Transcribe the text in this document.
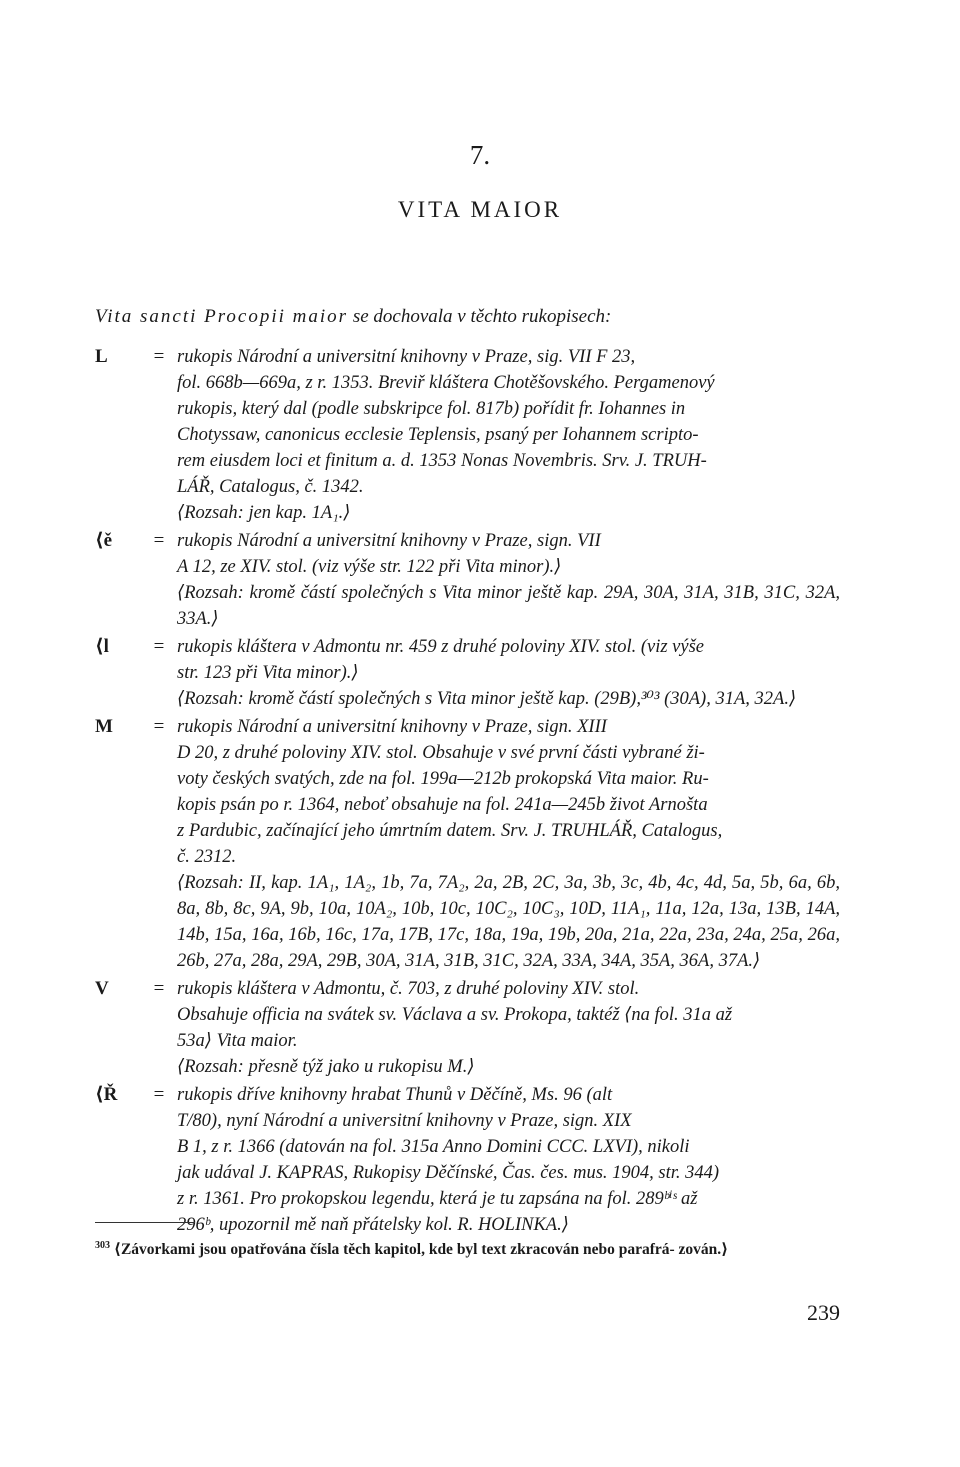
7.
VITA MAIOR
Vita sancti Procopii maior se dochovala v těchto rukopisech:
L	= rukopis Národní a universitní knihovny v Praze, sig. VII F 23,
fol. 668b—669a, z r. 1353. Breviř kláštera Chotěšovského. Pergamenový
rukopis, který dal (podle subskripce fol. 817b) pořídit fr. Iohannes in
Chotyssaw, canonicus ecclesie Teplensis, psaný per Iohannem scripto-
rem eiusdem loci et finitum a. d. 1353 Nonas Novembris. Srv. J. TRUH-
LÁŘ, Catalogus, č. 1342.
⟨Rozsah: jen kap. 1A₁.⟩
⟨ě	= rukopis Národní a universitní knihovny v Praze, sign. VII
A 12, ze XIV. stol. (viz výše str. 122 při Vita minor).⟩
⟨Rozsah: kromě částí společných s Vita minor ještě kap. 29A, 30A, 31A, 31B, 31C, 32A, 33A.⟩
⟨l	= rukopis kláštera v Admontu nr. 459 z druhé poloviny XIV. stol. (viz výše
str. 123 při Vita minor).⟩
⟨Rozsah: kromě částí společných s Vita minor ještě kap. (29B),³⁰³ (30A), 31A, 32A.⟩
M	= rukopis Národní a universitní knihovny v Praze, sign. XIII
D 20, z druhé poloviny XIV. stol. Obsahuje v své první části vybrané ži-
voty českých svatých, zde na fol. 199a—212b prokopská Vita maior. Ru-
kopis psán po r. 1364, neboť obsahuje na fol. 241a—245b život Arnošta
z Pardubic, začínající jeho úmrtním datem. Srv. J. TRUHLÁŘ, Catalogus,
č. 2312.
⟨Rozsah: II, kap. 1A₁, 1A₂, 1b, 7a, 7A₂, 2a, 2B, 2C, 3a, 3b, 3c, 4b, 4c, 4d, 5a, 5b, 6a, 6b, 8a, 8b, 8c, 9A, 9b, 10a, 10A₂, 10b, 10c, 10C₂, 10C₃, 10D, 11A₁, 11a, 12a, 13a, 13B, 14A, 14b, 15a, 16a, 16b, 16c, 17a, 17B, 17c, 18a, 19a, 19b, 20a, 21a, 22a, 23a, 24a, 25a, 26a, 26b, 27a, 28a, 29A, 29B, 30A, 31A, 31B, 31C, 32A, 33A, 34A, 35A, 36A, 37A.⟩
V	= rukopis kláštera v Admontu, č. 703, z druhé poloviny XIV. stol.
Obsahuje officia na svátek sv. Václava a sv. Prokopa, taktéž ⟨na fol. 31a až
53a⟩ Vita maior.
⟨Rozsah: přesně týž jako u rukopisu M.⟩
⟨Ř	= rukopis dříve knihovny hrabat Thunů v Děčíně, Ms. 96 (alt
T/80), nyní Národní a universitní knihovny v Praze, sign. XIX
B 1, z r. 1366 (datován na fol. 315a Anno Domini CCC. LXVI), nikoli
jak udával J. KAPRAS, Rukopisy Děčínské, Čas. čes. mus. 1904, str. 344)
z r. 1361. Pro prokopskou legendu, která je tu zapsána na fol. 289ᵇⁱˢ až
296ᵇ, upozornil mě naň přátelsky kol. R. HOLINKA.⟩
$^{303}$ ⟨Závorkami jsou opatřována čísla těch kapitol, kde byl text zkracován nebo parafrá- zován.⟩
239
